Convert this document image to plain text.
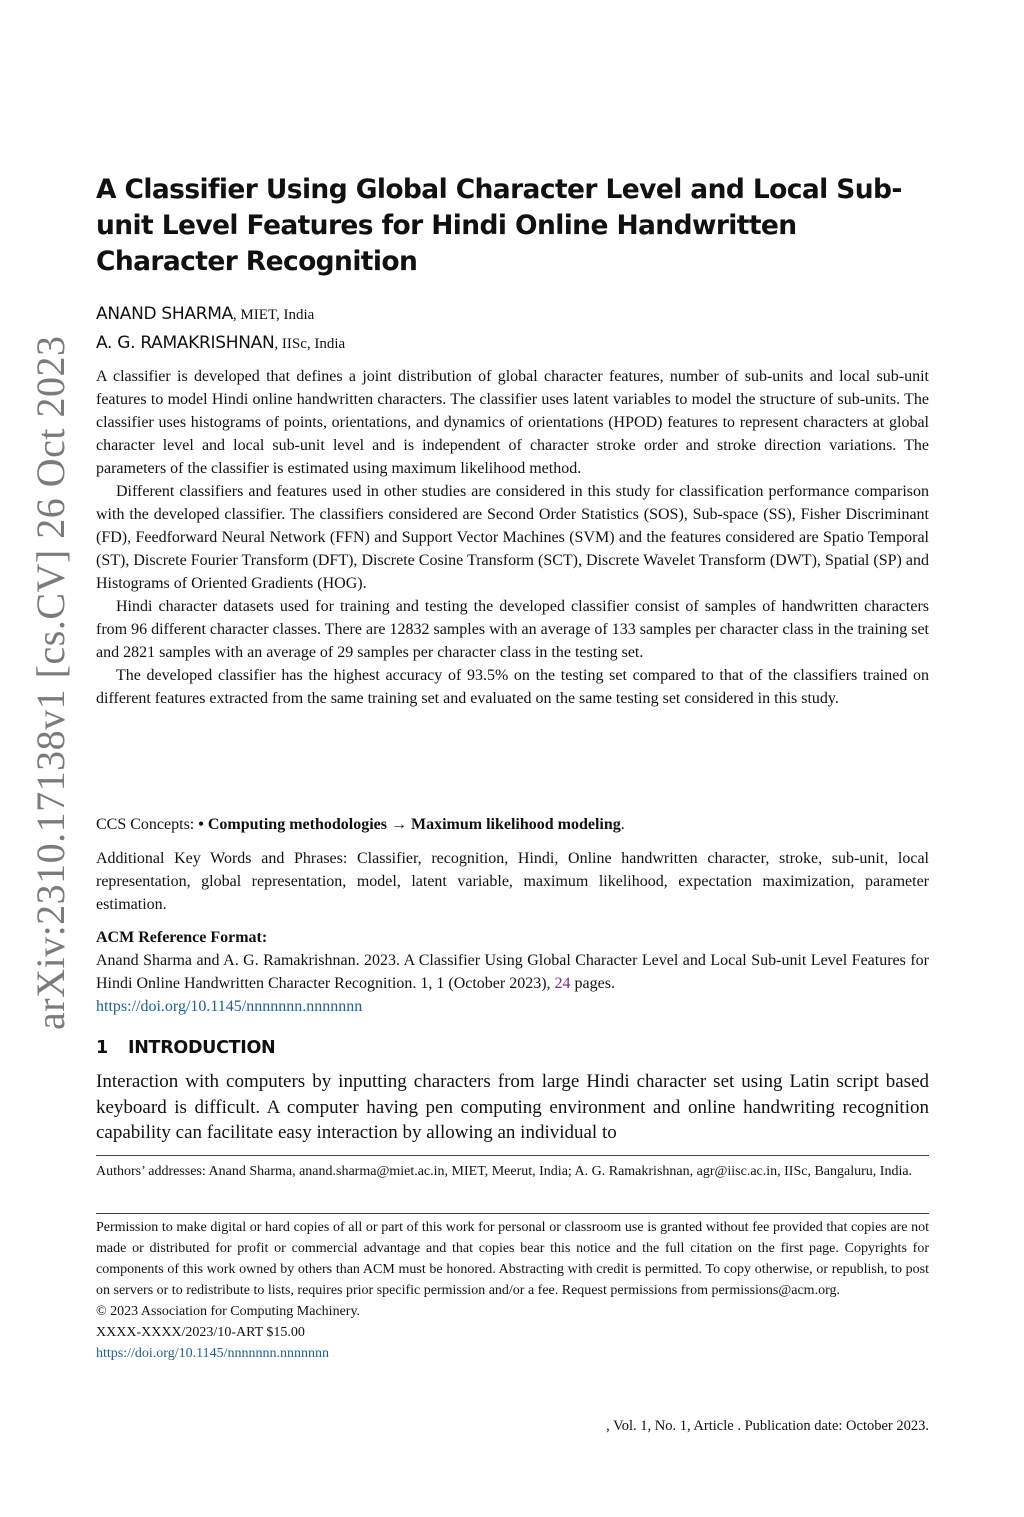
arXiv:2310.17138v1 [cs.CV] 26 Oct 2023
A Classifier Using Global Character Level and Local Sub-unit Level Features for Hindi Online Handwritten Character Recognition
ANAND SHARMA, MIET, India
A. G. RAMAKRISHNAN, IISc, India

A classifier is developed that defines a joint distribution of global character features, number of sub-units and local sub-unit features to model Hindi online handwritten characters. The classifier uses latent variables to model the structure of sub-units. The classifier uses histograms of points, orientations, and dynamics of orientations (HPOD) features to represent characters at global character level and local sub-unit level and is independent of character stroke order and stroke direction variations. The parameters of the classifier is estimated using maximum likelihood method.

Different classifiers and features used in other studies are considered in this study for classification performance comparison with the developed classifier. The classifiers considered are Second Order Statistics (SOS), Sub-space (SS), Fisher Discriminant (FD), Feedforward Neural Network (FFN) and Support Vector Machines (SVM) and the features considered are Spatio Temporal (ST), Discrete Fourier Transform (DFT), Discrete Cosine Transform (SCT), Discrete Wavelet Transform (DWT), Spatial (SP) and Histograms of Oriented Gradients (HOG).

Hindi character datasets used for training and testing the developed classifier consist of samples of handwritten characters from 96 different character classes. There are 12832 samples with an average of 133 samples per character class in the training set and 2821 samples with an average of 29 samples per character class in the testing set.

The developed classifier has the highest accuracy of 93.5% on the testing set compared to that of the classifiers trained on different features extracted from the same training set and evaluated on the same testing set considered in this study.

CCS Concepts: • Computing methodologies → Maximum likelihood modeling.
Additional Key Words and Phrases: Classifier, recognition, Hindi, Online handwritten character, stroke, sub-unit, local representation, global representation, model, latent variable, maximum likelihood, expectation maximization, parameter estimation.
ACM Reference Format:
Anand Sharma and A. G. Ramakrishnan. 2023. A Classifier Using Global Character Level and Local Sub-unit Level Features for Hindi Online Handwritten Character Recognition. 1, 1 (October 2023), 24 pages.
https://doi.org/10.1145/nnnnnnn.nnnnnnn
1 INTRODUCTION
Interaction with computers by inputting characters from large Hindi character set using Latin script based keyboard is difficult. A computer having pen computing environment and online handwriting recognition capability can facilitate easy interaction by allowing an individual to
Authors’ addresses: Anand Sharma, anand.sharma@miet.ac.in, MIET, Meerut, India; A. G. Ramakrishnan, agr@iisc.ac.in, IISc, Bangaluru, India.
Permission to make digital or hard copies of all or part of this work for personal or classroom use is granted without fee provided that copies are not made or distributed for profit or commercial advantage and that copies bear this notice and the full citation on the first page. Copyrights for components of this work owned by others than ACM must be honored. Abstracting with credit is permitted. To copy otherwise, or republish, to post on servers or to redistribute to lists, requires prior specific permission and/or a fee. Request permissions from permissions@acm.org.
© 2023 Association for Computing Machinery.
XXXX-XXXX/2023/10-ART $15.00
https://doi.org/10.1145/nnnnnnn.nnnnnnn
, Vol. 1, No. 1, Article . Publication date: October 2023.
